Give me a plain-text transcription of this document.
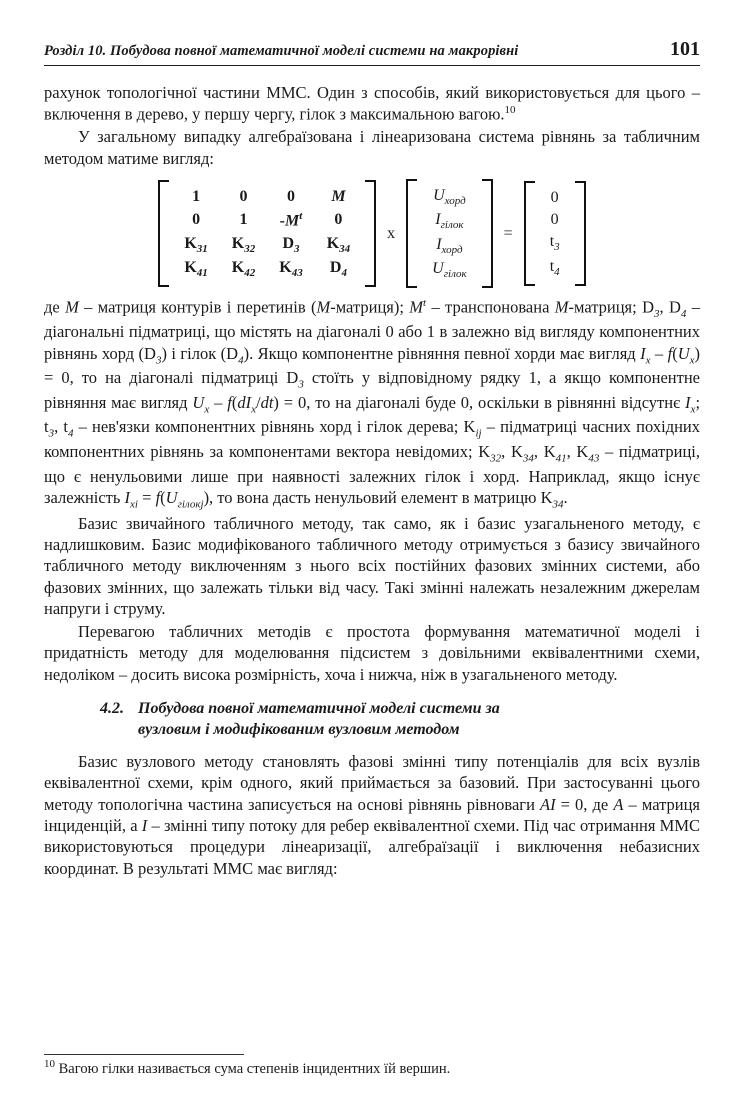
Розділ 10. Побудова повної математичної моделі системи на макрорівні	101

рахунок топологічної частини ММС. Один з способів, який використовується для цього – включення в дерево, у першу чергу, гілок з максимальною вагою.$^{10}$

У загальному випадку алгебраїзована і лінеаризована система рівнянь за табличним методом матиме вигляд:

1	0	0	M
0	1	$-M^t$	0
$K_{31}$	$K_{32}$	$D_3$	$K_{34}$
$K_{41}$	$K_{42}$	$K_{43}$	$D_4$
x
$U_{хорд}$
$I_{гілок}$
$I_{хорд}$
$U_{гілок}$
=
0
0
$t_3$
$t_4$

де M – матриця контурів і перетинів (M-матриця); $M^t$ – транспонована M-матриця; $D_3$, $D_4$ – діагональні підматриці, що містять на діагоналі 0 або 1 в залежно від вигляду компонентних рівнянь хорд $(D_3)$ і гілок $(D_4)$. Якщо компонентне рівняння певної хорди має вигляд $I_x - f(U_x) = 0$, то на діагоналі підматриці $D_3$ стоїть у відповідному рядку 1, а якщо компонентне рівняння має вигляд $U_x - f(dI_x/dt) = 0$, то на діагоналі буде 0, оскільки в рівнянні відсутнє $I_x$; $t_3$, $t_4$ – нев'язки компонентних рівнянь хорд і гілок дерева; $K_{ij}$ – підматриці часних похідних компонентних рівнянь за компонентами вектора невідомих; $K_{32}$, $K_{34}$, $K_{41}$, $K_{43}$ – підматриці, що є ненульовими лише при наявності залежних гілок і хорд. Наприклад, якщо існує залежність $I_{xi} = f(U_{гілокj})$, то вона дасть ненульовий елемент в матрицю $K_{34}$.

Базис звичайного табличного методу, так само, як і базис узагальненого методу, є надлишковим. Базис модифікованого табличного методу отримується з базису звичайного табличного методу виключенням з нього всіх постійних фазових змінних системи, або фазових змінних, що залежать тільки від часу. Такі змінні належать незалежним джерелам напруги і струму.

Перевагою табличних методів є простота формування математичної моделі і придатність методу для моделювання підсистем з довільними еквівалентними схеми, недоліком – досить висока розмірність, хоча і нижча, ніж в узагальненого методу.

4.2. Побудова повної математичної моделі системи за
вузловим і модифікованим вузловим методом

Базис вузлового методу становлять фазові змінні типу потенціалів для всіх вузлів еквівалентної схеми, крім одного, який приймається за базовий. При застосуванні цього методу топологічна частина записується на основі рівнянь рівноваги AI = 0, де A – матриця інциденцій, а I – змінні типу потоку для ребер еквівалентної схеми. Під час отримання ММС використовуються процедури лінеаризації, алгебраїзації і виключення небазисних координат. В результаті ММС має вигляд:

$^{10}$ Вагою гілки називається сума степенів інцидентних їй вершин.
